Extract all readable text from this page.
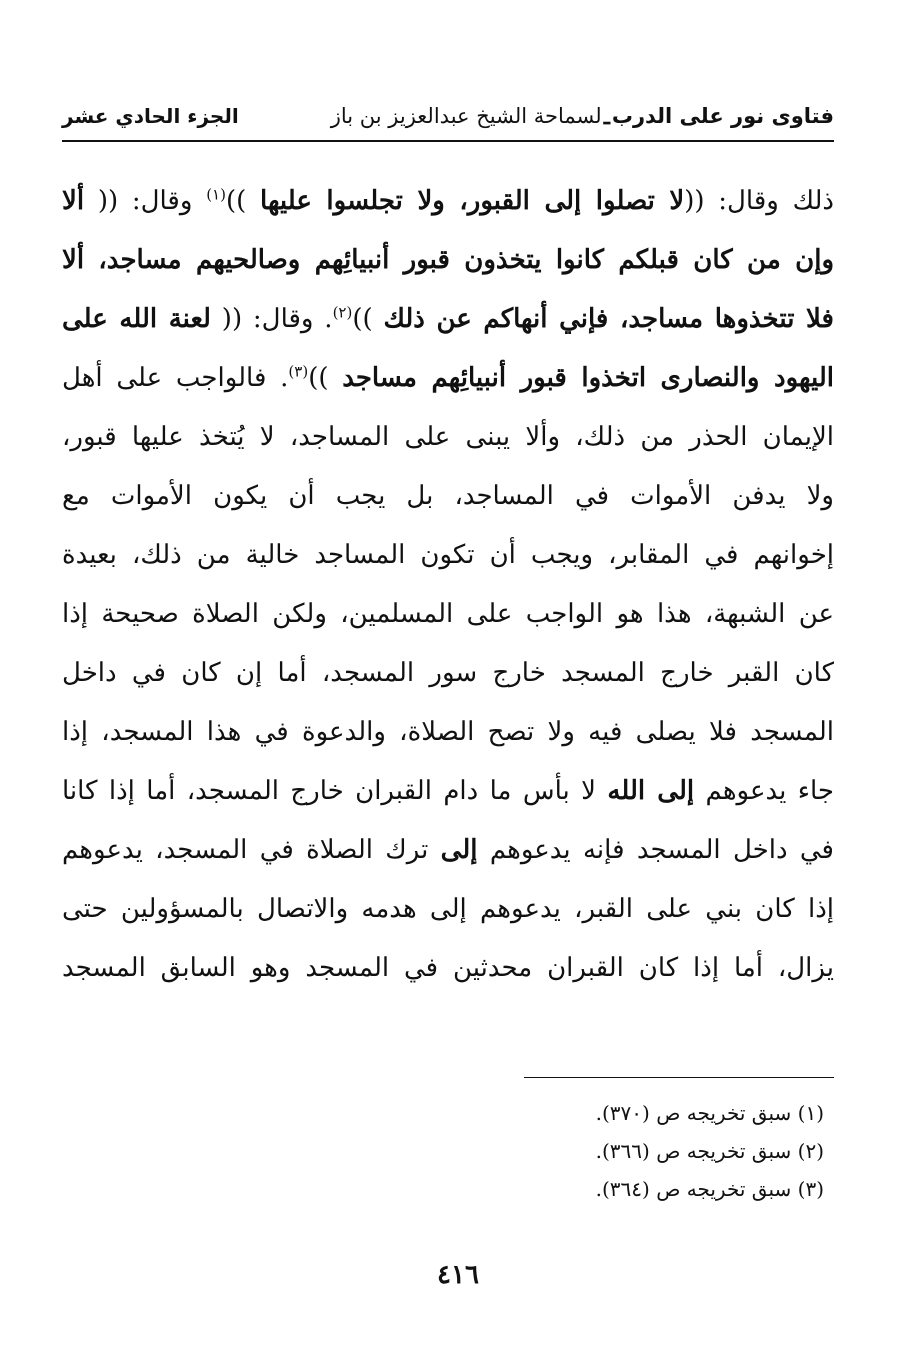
فتاوى نور على الدرب
ـ
لسماحة الشيخ عبدالعزيز بن باز
الجزء الحادي عشر
ذلك وقال: ((لا تصلوا إلى القبور، ولا تجلسوا عليها ))$^{(١)}$ وقال: (( ألا
وإن من كان قبلكم كانوا يتخذون قبور أنبيائِهم وصالحيهم مساجد، ألا
فلا تتخذوها مساجد، فإني أنهاكم عن ذلك ))$^{(٢)}$. وقال: (( لعنة الله على
اليهود والنصارى اتخذوا قبور أنبيائِهم مساجد ))$^{(٣)}$. فالواجب على أهل
الإيمان الحذر من ذلك، وألا يبنى على المساجد، لا يُتخذ عليها قبور،
ولا يدفن الأموات في المساجد، بل يجب أن يكون الأموات مع
إخوانهم في المقابر، ويجب أن تكون المساجد خالية من ذلك، بعيدة
عن الشبهة، هذا هو الواجب على المسلمين، ولكن الصلاة صحيحة إذا
كان القبر خارج المسجد خارج سور المسجد، أما إن كان في داخل
المسجد فلا يصلى فيه ولا تصح الصلاة، والدعوة في هذا المسجد، إذا
جاء يدعوهم إلى الله لا بأس ما دام القبران خارج المسجد، أما إذا كانا
في داخل المسجد فإنه يدعوهم إلى ترك الصلاة في المسجد، يدعوهم
إذا كان بني على القبر، يدعوهم إلى هدمه والاتصال بالمسؤولين حتى
يزال، أما إذا كان القبران محدثين في المسجد وهو السابق المسجد
(١) سبق تخريجه ص (٣٧٠).
(٢) سبق تخريجه ص (٣٦٦).
(٣) سبق تخريجه ص (٣٦٤).
٤١٦
